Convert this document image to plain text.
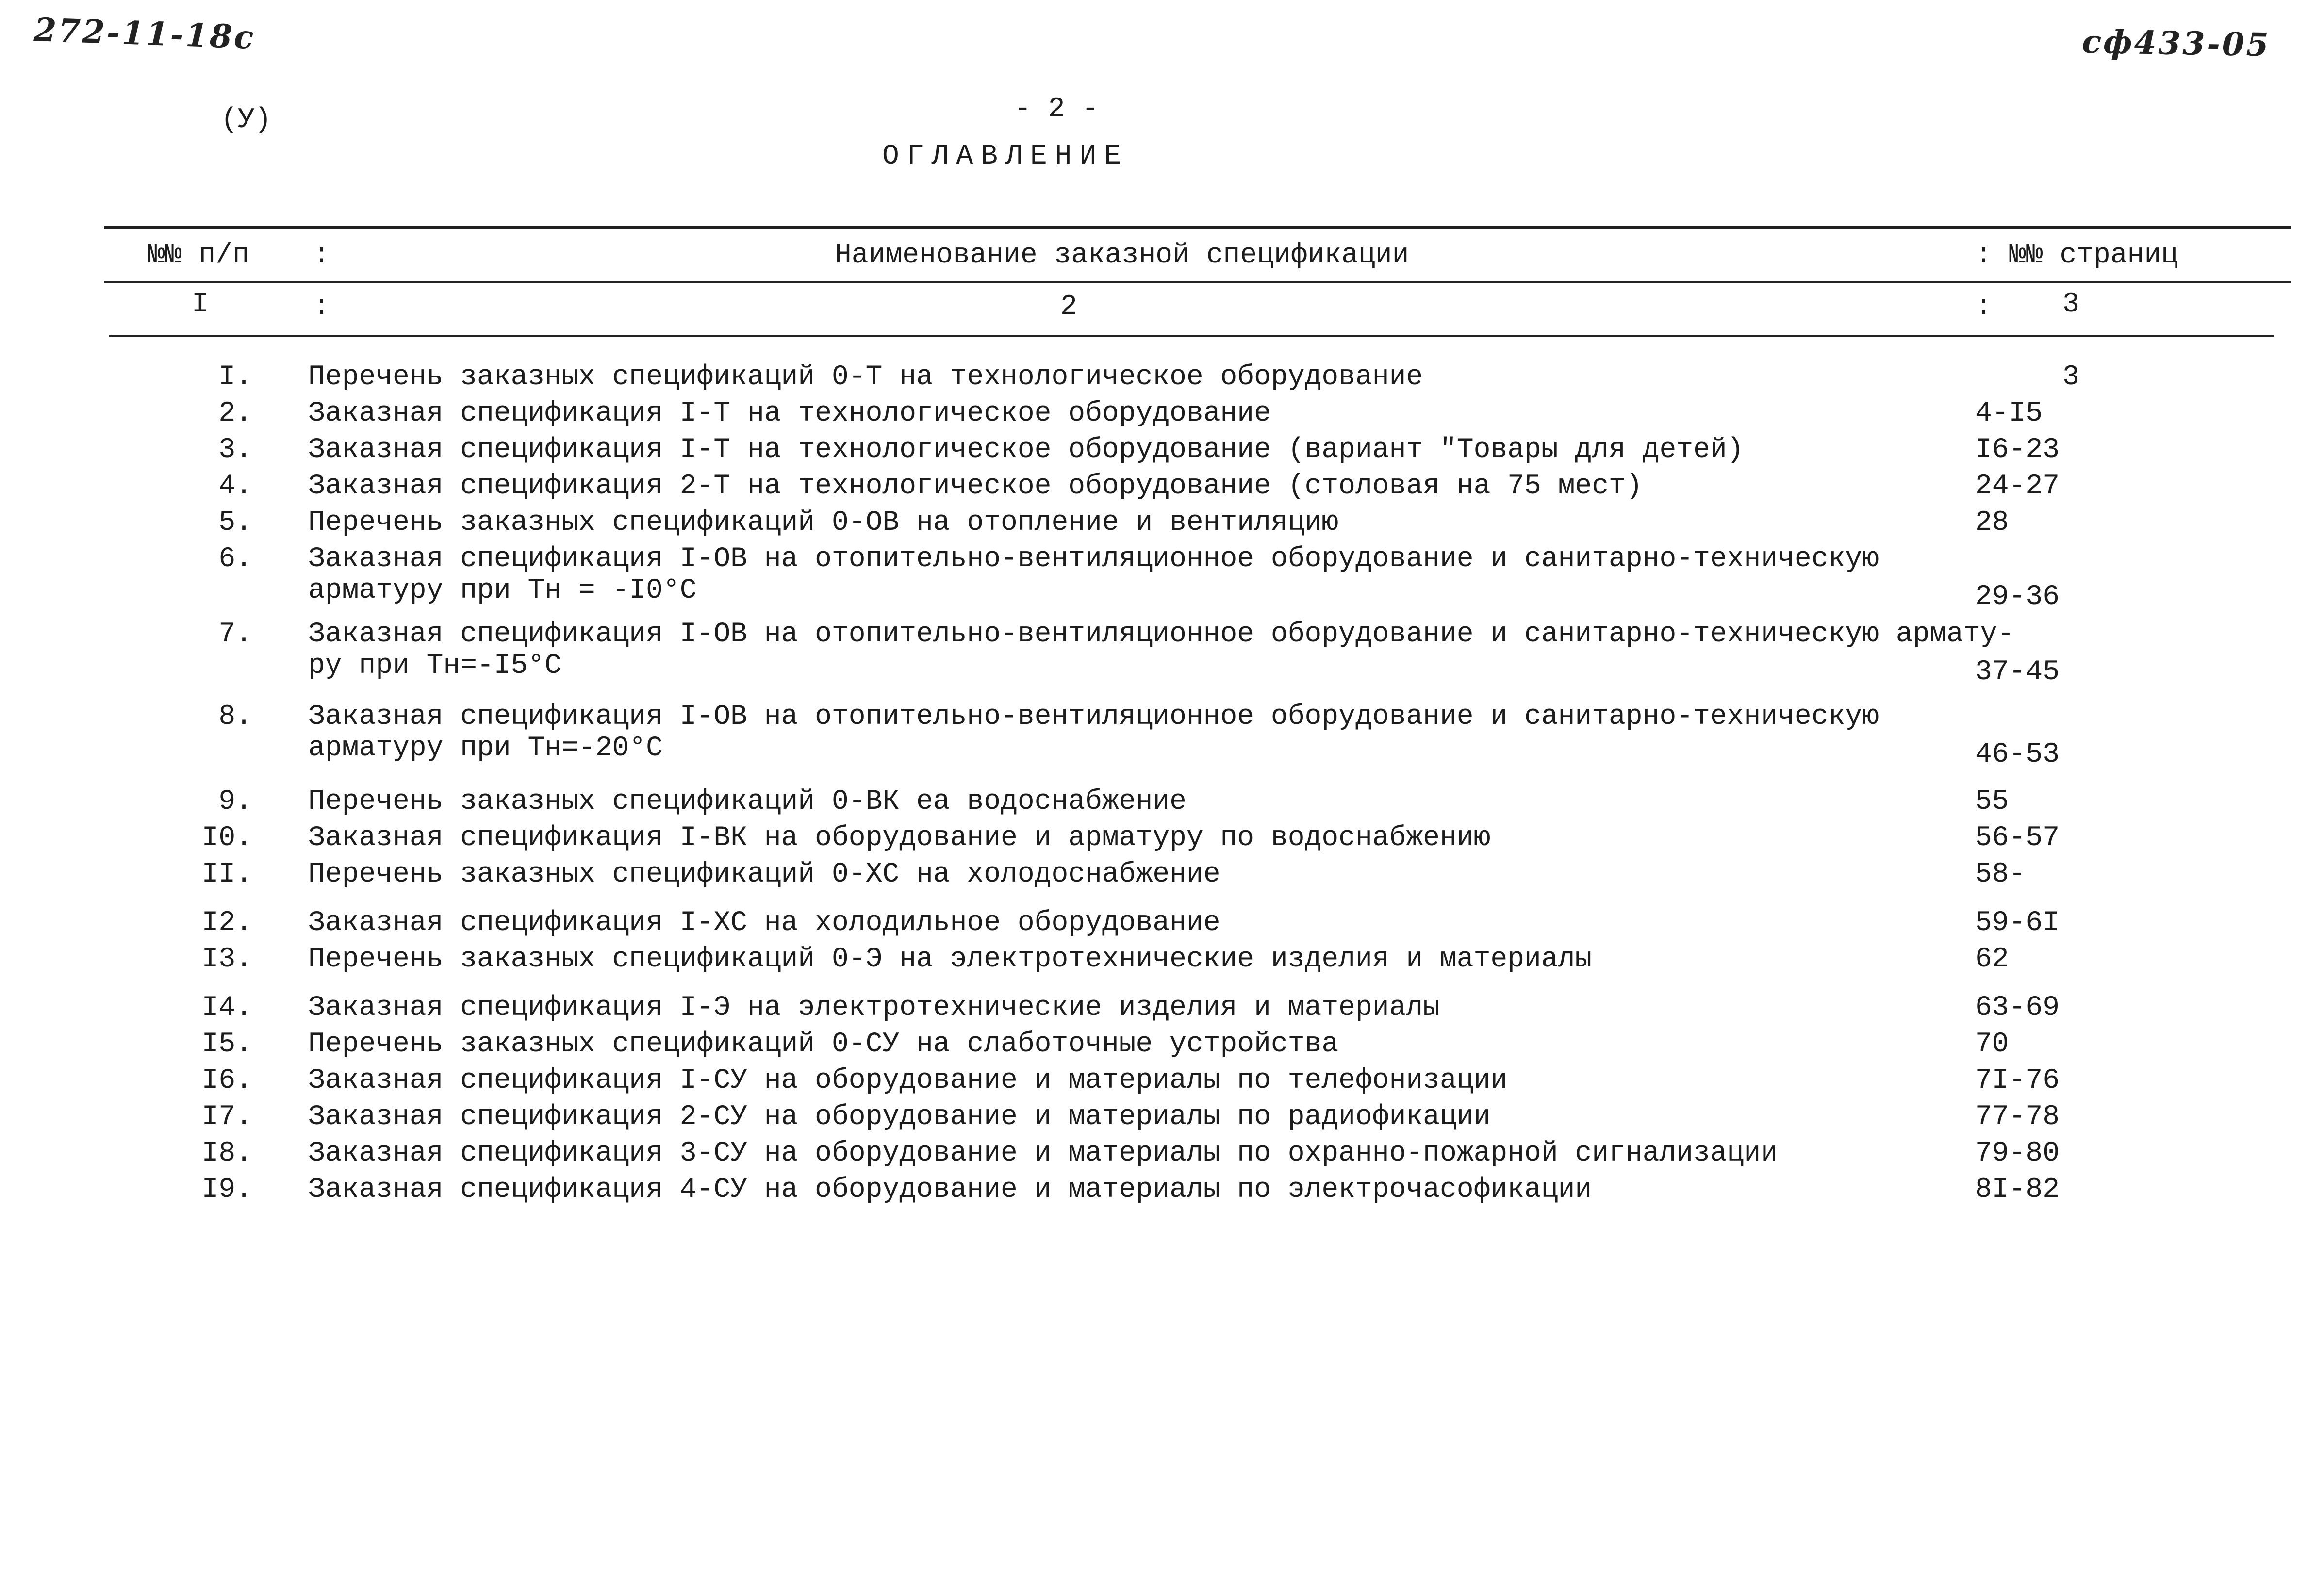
272-11-18с	сф433-05
(У)	- 2 -
ОГЛАВЛЕНИЕ
№№ п/п :	Наименование заказной спецификации	: №№ страниц
I	:	2	:	3
I. Перечень заказных спецификаций 0-Т на технологическое оборудование	3
2. Заказная спецификация I-Т на технологическое оборудование	4-I5
3. Заказная спецификация I-Т на технологическое оборудование (вариант "Товары для детей)	I6-23
4. Заказная спецификация 2-Т на технологическое оборудование (столовая на 75 мест)	24-27
5. Перечень заказных спецификаций 0-ОВ на отопление и вентиляцию	28
6. Заказная спецификация I-ОВ на отопительно-вентиляционное оборудование и санитарно-техническую
арматуру при Тн = -I0°С	29-36
7. Заказная спецификация I-ОВ на отопительно-вентиляционное оборудование и санитарно-техническую армату-
ру при Тн=-I5°С	37-45
8. Заказная спецификация I-ОВ на отопительно-вентиляционное оборудование и санитарно-техническую
арматуру при Тн=-20°С	46-53
9. Перечень заказных спецификаций 0-ВК еа водоснабжение	55
I0. Заказная спецификация I-ВК на оборудование и арматуру по водоснабжению	56-57
II. Перечень заказных спецификаций 0-ХС на холодоснабжение	58-
I2. Заказная спецификация I-ХС на холодильное оборудование	59-6I
I3. Перечень заказных спецификаций 0-Э на электротехнические изделия и материалы	62
I4. Заказная спецификация I-Э на электротехнические изделия и материалы	63-69
I5. Перечень заказных спецификаций 0-СУ на слаботочные устройства	70
I6. Заказная спецификация I-СУ на оборудование и материалы по телефонизации	7I-76
I7. Заказная спецификация 2-СУ на оборудование и материалы по радиофикации	77-78
I8. Заказная спецификация 3-СУ на оборудование и материалы по охранно-пожарной сигнализации	79-80
I9. Заказная спецификация 4-СУ на оборудование и материалы по электрочасофикации	8I-82
